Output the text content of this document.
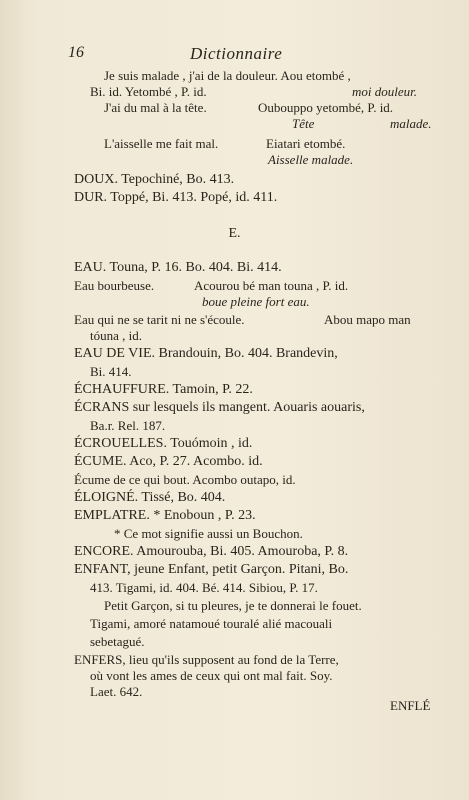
16	Dictionnaire
Je suis malade , j'ai de la douleur. Aou etombé ,
Bi. id. Yetombé , P. id.	moi douleur.
J'ai du mal à la tête.	Oubouppo yetombé, P. id.
Tête	malade.
L'aisselle me fait mal.	Eiatari etombé.
Aisselle malade.
DOUX. Tepochiné, Bo. 413.
DUR. Toppé, Bi. 413. Popé, id. 411.
E.
EAU. Touna, P. 16. Bo. 404. Bi. 414.
Eau bourbeuse.	Acourou bé man touna , P. id.
boue pleine fort eau.
Eau qui ne se tarit ni ne s'écoule.	Abou mapo man
tóuna , id.
EAU DE VIE. Brandouin, Bo. 404. Brandevin,
Bi. 414.
ÉCHAUFFURE. Tamoin, P. 22.
ÉCRANS sur lesquels ils mangent. Aouaris aouaris,
Ba.r. Rel. 187.
ÉCROUELLES. Touómoin , id.
ÉCUME. Aco, P. 27. Acombo. id.
Écume de ce qui bout. Acombo outapo, id.
ÉLOIGNÉ. Tissé, Bo. 404.
EMPLATRE. * Enoboun , P. 23.
* Ce mot signifie aussi un Bouchon.
ENCORE. Amourouba, Bi. 405. Amouroba, P. 8.
ENFANT, jeune Enfant, petit Garçon. Pitani, Bo.
413. Tigami, id. 404. Bé. 414. Sibiou, P. 17.
Petit Garçon, si tu pleures, je te donnerai le fouet.
Tigami, amoré natamoué touralé alié macouali
sebetagué.
ENFERS, lieu qu'ils supposent au fond de la Terre,
où vont les ames de ceux qui ont mal fait. Soy.
Laet. 642.
ENFLÉ
